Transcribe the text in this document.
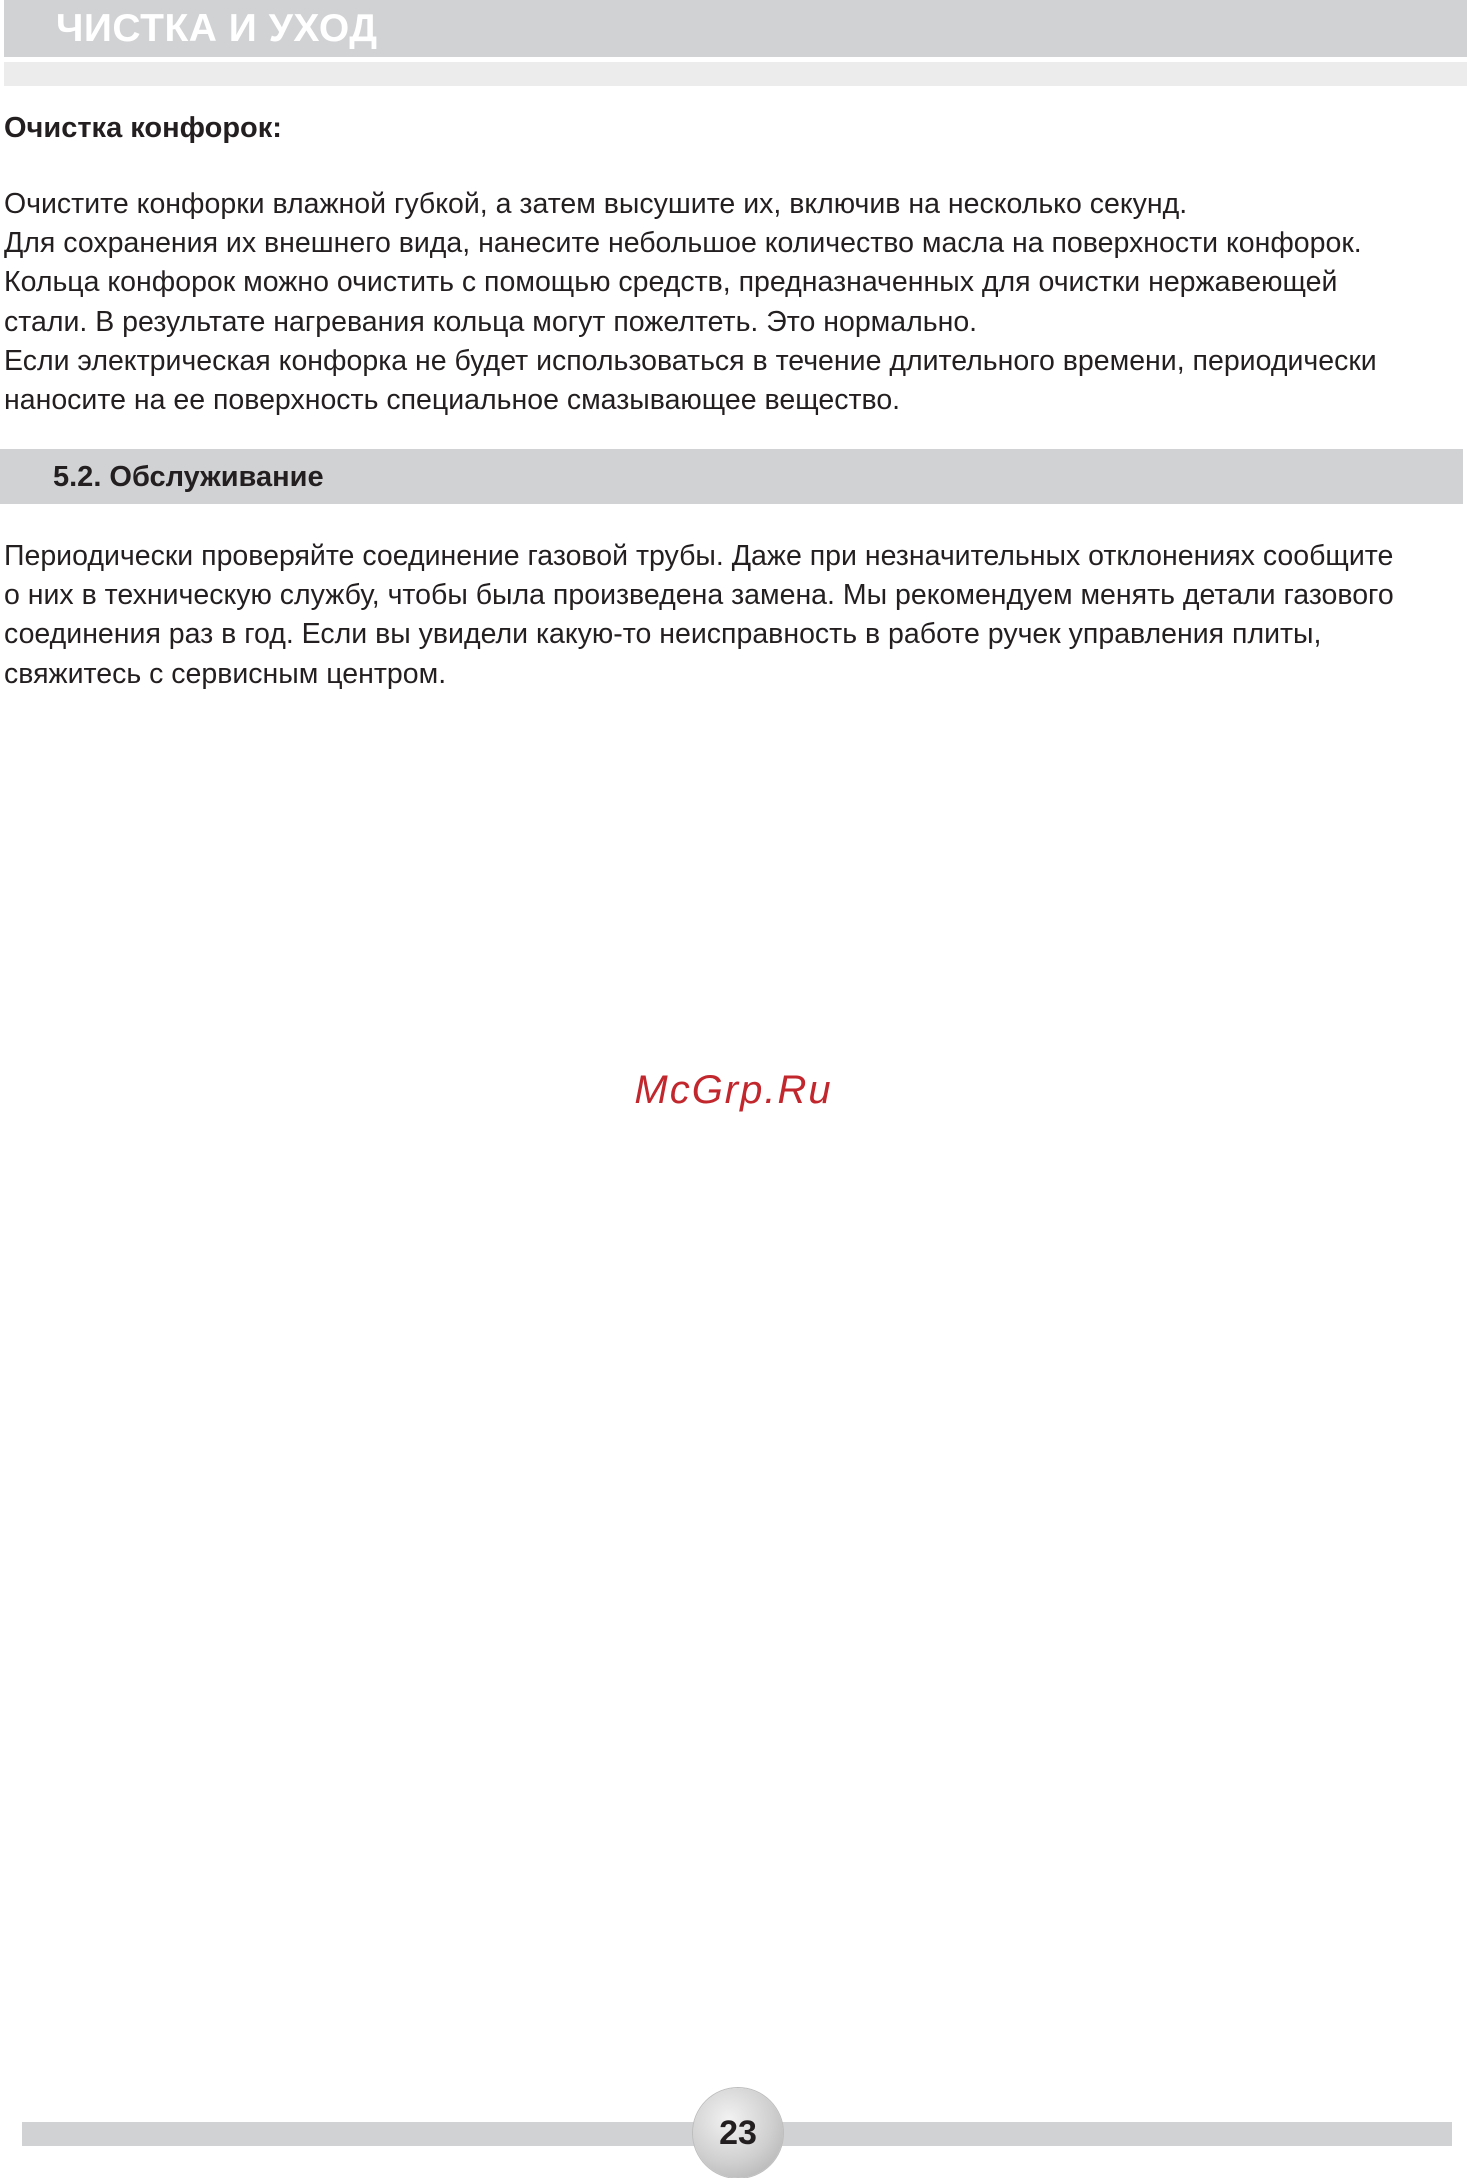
ЧИСТКА И УХОД
Очистка конфорок:
Очистите конфорки влажной губкой, а затем высушите их, включив на несколько секунд.
Для сохранения их внешнего вида, нанесите небольшое количество масла на поверхности конфорок.
Кольца конфорок можно очистить с помощью средств, предназначенных для очистки нержавеющей
стали. В результате нагревания кольца могут пожелтеть. Это нормально.
Если электрическая конфорка не будет использоваться в течение длительного времени, периодически
наносите на ее поверхность специальное смазывающее вещество.
5.2. Обслуживание
Периодически проверяйте соединение газовой трубы. Даже при незначительных отклонениях сообщите
о них в техническую службу, чтобы была произведена замена. Мы рекомендуем менять детали газового
соединения раз в год. Если вы увидели какую-то неисправность в работе ручек управления плиты,
свяжитесь с сервисным центром.
McGrp.Ru
23
